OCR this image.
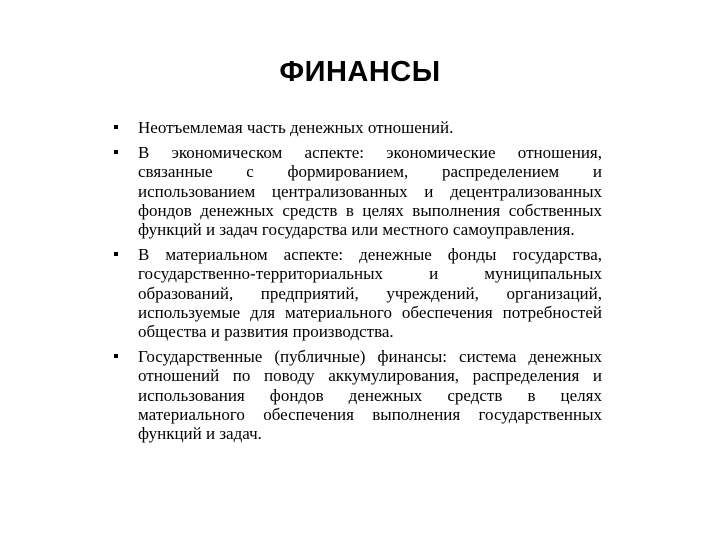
ФИНАНСЫ
Неотъемлемая часть денежных отношений.
В экономическом аспекте: экономические отношения, связанные с формированием, распределением и использованием централизованных и децентрализованных фондов денежных средств в целях выполнения собственных функций и задач государства или местного самоуправления.
В материальном аспекте: денежные фонды государства, государственно-территориальных и муниципальных образований, предприятий, учреждений, организаций, используемые для материального обеспечения потребностей общества и развития производства.
Государственные (публичные) финансы: система денежных отношений по поводу аккумулирования, распределения и использования фондов денежных средств в целях материального обеспечения выполнения государственных функций и задач.
